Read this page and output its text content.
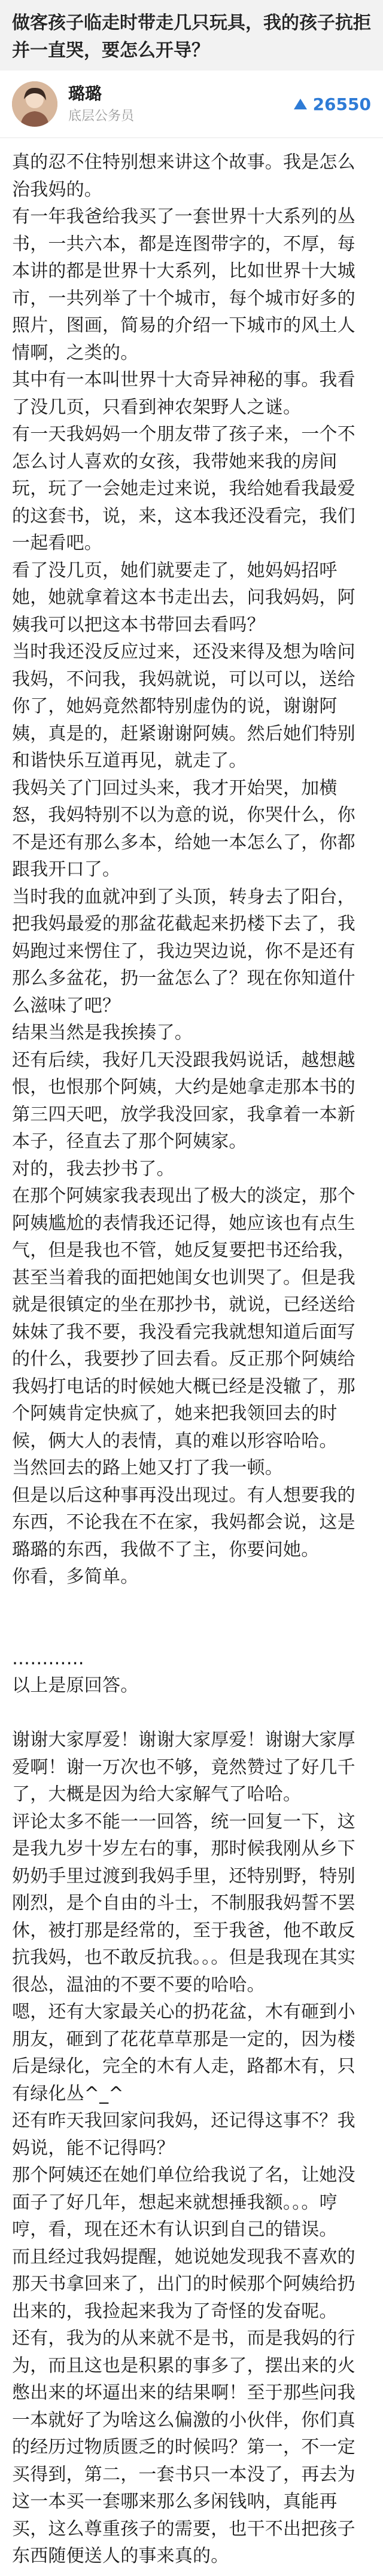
做客孩子临走时带走几只玩具，我的孩子抗拒并一直哭，要怎么开导？
璐璐
底层公务员
26550

真的忍不住特别想来讲这个故事。我是怎么治我妈的。

有一年我爸给我买了一套世界十大系列的丛书，一共六本，都是连图带字的，不厚，每本讲的都是世界十大系列，比如世界十大城市，一共列举了十个城市，每个城市好多的照片，图画，简易的介绍一下城市的风土人情啊，之类的。

其中有一本叫世界十大奇异神秘的事。我看了没几页，只看到神农架野人之谜。

有一天我妈妈一个朋友带了孩子来，一个不怎么讨人喜欢的女孩，我带她来我的房间玩，玩了一会她走过来说，我给她看我最爱的这套书，说，来，这本我还没看完，我们一起看吧。

看了没几页，她们就要走了，她妈妈招呼她，她就拿着这本书走出去，问我妈妈，阿姨我可以把这本书带回去看吗？

当时我还没反应过来，还没来得及想为啥问我妈，不问我，我妈就说，可以可以，送给你了，她妈竟然都特别虚伪的说，谢谢阿姨，真是的，赶紧谢谢阿姨。然后她们特别和谐快乐互道再见，就走了。

我妈关了门回过头来，我才开始哭，加横怒，我妈特别不以为意的说，你哭什么，你不是还有那么多本，给她一本怎么了，你都跟我开口了。

当时我的血就冲到了头顶，转身去了阳台，把我妈最爱的那盆花截起来扔楼下去了，我妈跑过来愣住了，我边哭边说，你不是还有那么多盆花，扔一盆怎么了？现在你知道什么滋味了吧？

结果当然是我挨揍了。

还有后续，我好几天没跟我妈说话，越想越恨，也恨那个阿姨，大约是她拿走那本书的第三四天吧，放学我没回家，我拿着一本新本子，径直去了那个阿姨家。

对的，我去抄书了。

在那个阿姨家我表现出了极大的淡定，那个阿姨尴尬的表情我还记得，她应该也有点生气，但是我也不管，她反复要把书还给我，甚至当着我的面把她闺女也训哭了。但是我就是很镇定的坐在那抄书，就说，已经送给妹妹了我不要，我没看完我就想知道后面写的什么，我要抄了回去看。反正那个阿姨给我妈打电话的时候她大概已经是没辙了，那个阿姨肯定快疯了，她来把我领回去的时候，俩大人的表情，真的难以形容哈哈。

当然回去的路上她又打了我一顿。

但是以后这种事再没出现过。有人想要我的东西，不论我在不在家，我妈都会说，这是璐璐的东西，我做不了主，你要问她。

你看，多简单。

…………

以上是原回答。

谢谢大家厚爱！谢谢大家厚爱！谢谢大家厚爱啊！谢一万次也不够，竟然赞过了好几千了，大概是因为给大家解气了哈哈。

评论太多不能一一回答，统一回复一下，这是我九岁十岁左右的事，那时候我刚从乡下奶奶手里过渡到我妈手里，还特别野，特别刚烈，是个自由的斗士，不制服我妈誓不罢休，被打那是经常的，至于我爸，他不敢反抗我妈，也不敢反抗我。。。但是我现在其实很怂，温油的不要不要的哈哈。

嗯，还有大家最关心的扔花盆，木有砸到小朋友，砸到了花花草草那是一定的，因为楼后是绿化，完全的木有人走，路都木有，只有绿化丛^_^

还有昨天我回家问我妈，还记得这事不？我妈说，能不记得吗？

那个阿姨还在她们单位给我说了名，让她没面子了好几年，想起来就想捶我额。。。哼哼，看，现在还木有认识到自己的错误。

而且经过我妈提醒，她说她发现我不喜欢的那天书拿回来了，出门的时候那个阿姨给扔出来的，我捡起来我为了奇怪的发奋呢。

还有，我为的从来就不是书，而是我妈的行为，而且这也是积累的事多了，摆出来的火憋出来的坏逼出来的结果啊！至于那些问我一本就好了为啥这么偏激的小伙伴，你们真的经历过物质匮乏的时候吗？第一，不一定买得到，第二，一套书只一本没了，再去为这一本买一套哪来那么多闲钱呐，真能再买，这么尊重孩子的需要，也干不出把孩子东西随便送人的事来真的。
